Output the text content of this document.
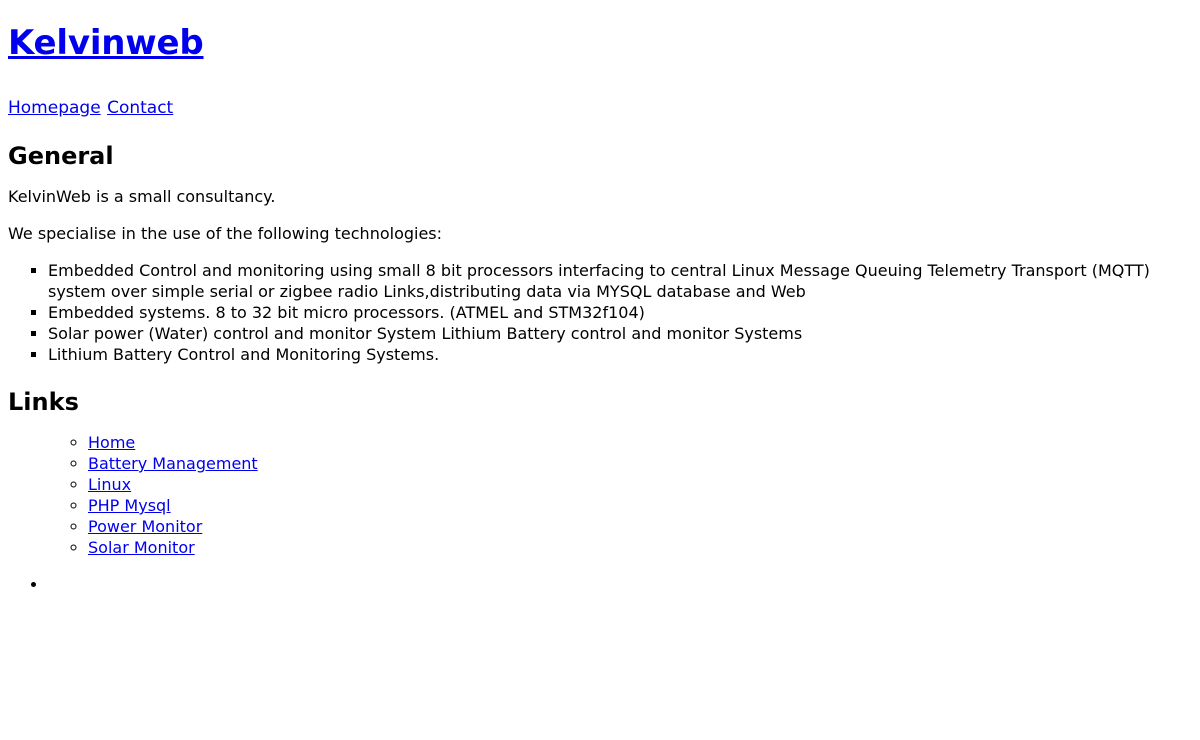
Kelvinweb
Homepage Contact
General

KelvinWeb is a small consultancy.

We specialise in the use of the following technologies:

▪ Embedded Control and monitoring using small 8 bit processors interfacing to central Linux Message Queuing Telemetry Transport (MQTT) system over simple serial or zigbee radio Links,distributing data via MYSQL database and Web
▪ Embedded systems. 8 to 32 bit micro processors. (ATMEL and STM32f104)
▪ Solar power (Water) control and monitor System Lithium Battery control and monitor Systems
▪ Lithium Battery Control and Monitoring Systems.
Links
◦ Home
◦ Battery Management
◦ Linux
◦ PHP Mysql
◦ Power Monitor
◦ Solar Monitor
•
